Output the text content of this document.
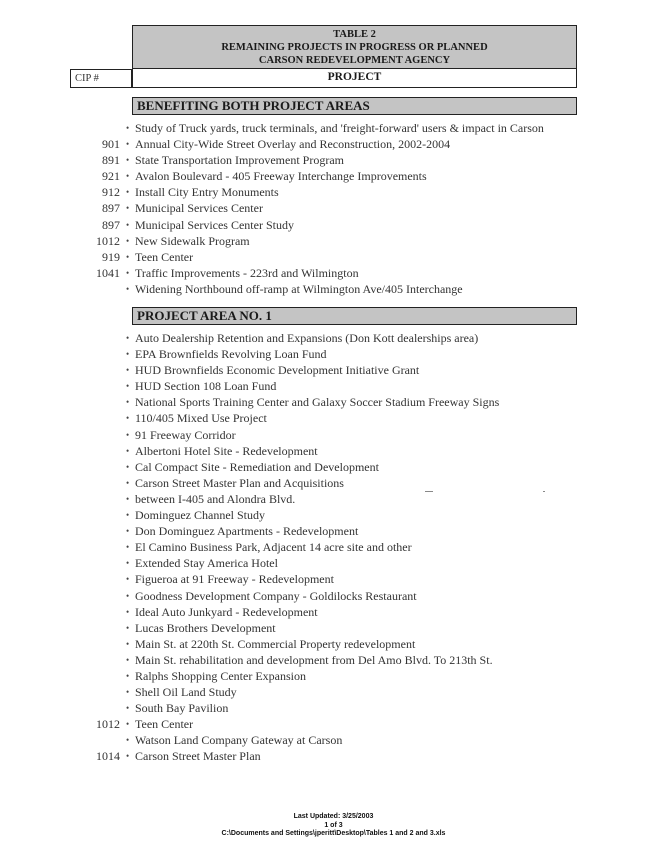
TABLE 2
REMAINING PROJECTS IN PROGRESS OR PLANNED
CARSON REDEVELOPMENT AGENCY
CIP #	PROJECT
BENEFITING BOTH PROJECT AREAS
• Study of Truck yards, truck terminals, and 'freight-forward' users & impact in Carson
901 • Annual City-Wide Street Overlay and Reconstruction, 2002-2004
891 • State Transportation Improvement Program
921 • Avalon Boulevard - 405 Freeway Interchange Improvements
912 • Install City Entry Monuments
897 • Municipal Services Center
897 • Municipal Services Center Study
1012 • New Sidewalk Program
919 • Teen Center
1041 • Traffic Improvements - 223rd and Wilmington
• Widening Northbound off-ramp at Wilmington Ave/405 Interchange
PROJECT AREA NO. 1
• Auto Dealership Retention and Expansions (Don Kott dealerships area)
• EPA Brownfields Revolving Loan Fund
• HUD Brownfields Economic Development Initiative Grant
• HUD Section 108 Loan Fund
• National Sports Training Center and Galaxy Soccer Stadium Freeway Signs
• 110/405 Mixed Use Project
• 91 Freeway Corridor
• Albertoni Hotel Site - Redevelopment
• Cal Compact Site - Remediation and Development
• Carson Street Master Plan and Acquisitions
• between I-405 and Alondra Blvd.
• Dominguez Channel Study
• Don Dominguez Apartments - Redevelopment
• El Camino Business Park, Adjacent 14 acre site and other
• Extended Stay America Hotel
• Figueroa at 91 Freeway - Redevelopment
• Goodness Development Company - Goldilocks Restaurant
• Ideal Auto Junkyard - Redevelopment
• Lucas Brothers Development
• Main St. at 220th St. Commercial Property redevelopment
• Main St. rehabilitation and development from Del Amo Blvd. To 213th St.
• Ralphs Shopping Center Expansion
• Shell Oil Land Study
• South Bay Pavilion
1012 • Teen Center
• Watson Land Company Gateway at Carson
1014 • Carson Street Master Plan
Last Updated: 3/25/2003
1 of 3
C:\Documents and Settings\jperitt\Desktop\Tables 1 and 2 and 3.xls
